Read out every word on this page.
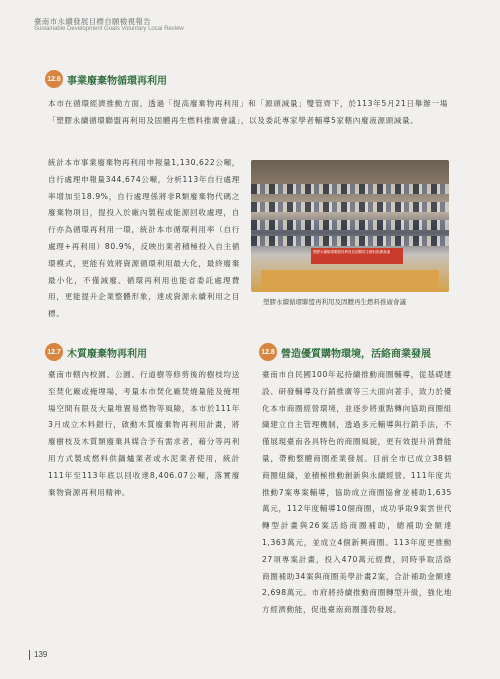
臺南市永續發展目標自願檢視報告
Sustainable Development Goals Voluntary Local Review
12.6 事業廢棄物循環再利用

本市在循環經濟推動方面，透過「提高廢棄物再利用」和「源頭減量」雙管齊下，於113年5月21日舉辦一場「塑膠永續循環聯盟再利用及固體再生燃料推廣會議」，以及委託專家學者輔導5家轄內廢液源頭減量。

統計本市事業廢棄物再利用申報量1,130,622公噸，自行處理申報量344,674公噸，分析113年自行處理率增加至18.9%，自行處理係將非R類廢棄物代碼之廢棄物項目，提投入於廠內製程或能源回收處理，自行亦為循環再利用一環，統計本市循環利用率（自行處理+再利用）80.9%，反映出業者積極投入自主循環模式，更能有效將資源循環利用最大化，最終廢棄最小化，不僅減廢、循環再利用也能省委託處理費用，更能提升企業整體形象，達成資源永續利用之目標。

塑膠永續循環聯盟再利用及固體再生燃料推廣會議
塑膠永續循環聯盟再利用及固體再生燃料推廣會議
12.7 木質廢棄物再利用

臺南市轄內校園、公園、行道樹等修剪後的樹枝均送至焚化廠或掩埋場，考量本市焚化廠焚燒量能及掩埋場空間有限及大量堆置易燃物等風險，本市於111年3月成立木料銀行，啟動木質廢棄物再利用計畫，將廢樹枝及木質類廢棄具媒合予有需求者，藉分等再利用方式製成燃料供鍋爐業者或水泥業者使用，統計111年至113年底以回收達8,406.07公噸，落實廢棄物資源再利用精神。

12.8 營造優質購物環境，活絡商業發展

臺南市自民國100年起持續推動商圈輔導，從基礎建設、研發輔導及行銷推廣等三大面向著手，致力於優化本市商圈經營環境，並逐步將重點轉向協助商圈組織建立自主管理機制，透過多元輔導與行銷手法，不僅展現臺南各具特色的商圈風貌，更有效提升消費能量，帶動整體商圈產業發展。目前全市已成立38個商圈組織，並積極推動創新與永續經營。111年度共推動7案專案輔導，協助成立商圈協會並補助1,635萬元，112年度輔導10個商圈，成功爭取9案雲世代轉型計畫與26案活絡商圈補助，總補助金額達1,363萬元，並成立4個新興商圈。113年度更推動27項專案計畫，投入470萬元經費，同時爭取活絡商圈補助34案與商圈美學計畫2案，合計補助金額達2,698萬元。市府將持續推動商圈轉型升級，強化地方經濟動能，促進臺南商圈蓬勃發展。

139
